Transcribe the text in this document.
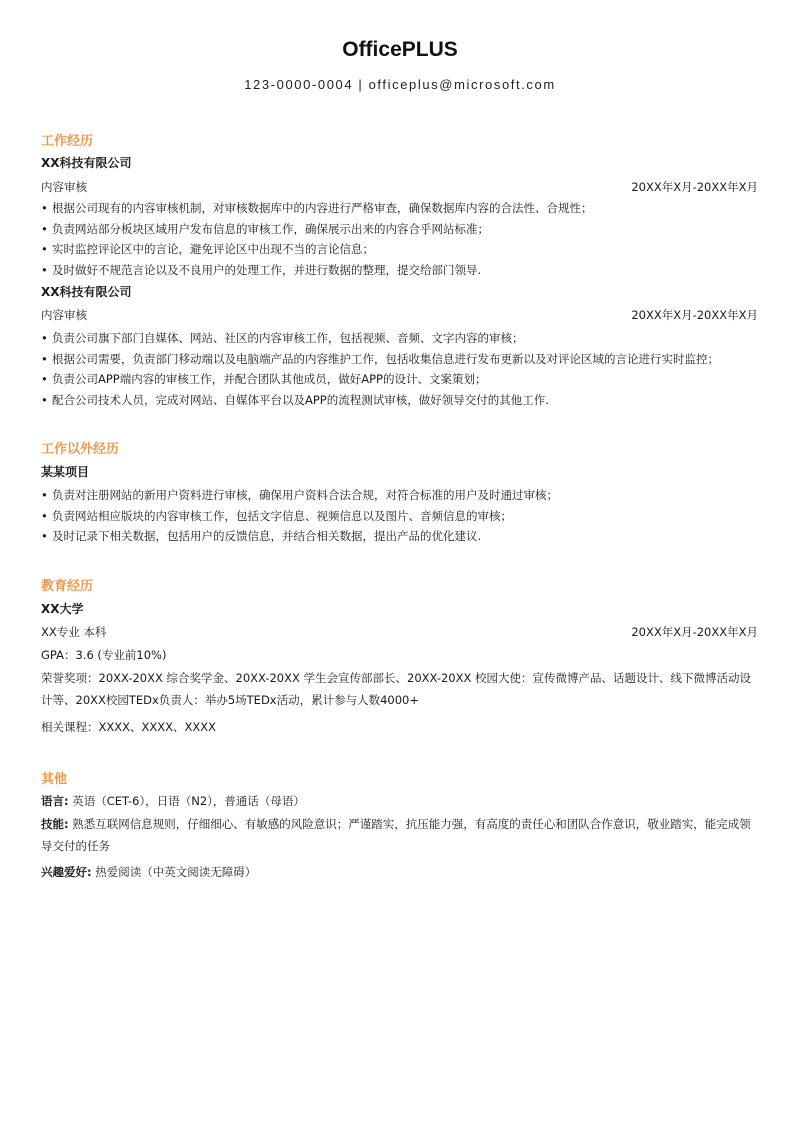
OfficePLUS
123-0000-0004 | officeplus@microsoft.com
工作经历
XX科技有限公司
内容审核	20XX年X月-20XX年X月
• 根据公司现有的内容审核机制，对审核数据库中的内容进行严格审查，确保数据库内容的合法性、合规性；
• 负责网站部分板块区域用户发布信息的审核工作，确保展示出来的内容合乎网站标准；
• 实时监控评论区中的言论，避免评论区中出现不当的言论信息；
• 及时做好不规范言论以及不良用户的处理工作，并进行数据的整理，提交给部门领导.
XX科技有限公司
内容审核	20XX年X月-20XX年X月
• 负责公司旗下部门自媒体、网站、社区的内容审核工作，包括视频、音频、文字内容的审核；
• 根据公司需要，负责部门移动端以及电脑端产品的内容维护工作，包括收集信息进行发布更新以及对评论区域的言论进行实时监控；
• 负责公司APP端内容的审核工作，并配合团队其他成员，做好APP的设计、文案策划；
• 配合公司技术人员，完成对网站、自媒体平台以及APP的流程测试审核，做好领导交付的其他工作.
工作以外经历
某某项目
• 负责对注册网站的新用户资料进行审核，确保用户资料合法合规，对符合标准的用户及时通过审核；
• 负责网站相应版块的内容审核工作，包括文字信息、视频信息以及图片、音频信息的审核；
• 及时记录下相关数据，包括用户的反馈信息，并结合相关数据，提出产品的优化建议.
教育经历
XX大学
XX专业 本科	20XX年X月-20XX年X月
GPA：3.6 (专业前10%)
荣誉奖项：20XX-20XX 综合奖学金、20XX-20XX 学生会宣传部部长、20XX-20XX 校园大使：宣传微博产品、话题设计、线下微博活动设计等、20XX校园TEDx负责人：举办5场TEDx活动，累计参与人数4000+
相关课程：XXXX、XXXX、XXXX
其他
语言: 英语（CET-6），日语（N2），普通话（母语）
技能: 熟悉互联网信息规则，仔细细心、有敏感的风险意识；严谨踏实，抗压能力强，有高度的责任心和团队合作意识，敬业踏实，能完成领导交付的任务
兴趣爱好: 热爱阅读（中英文阅读无障碍）
